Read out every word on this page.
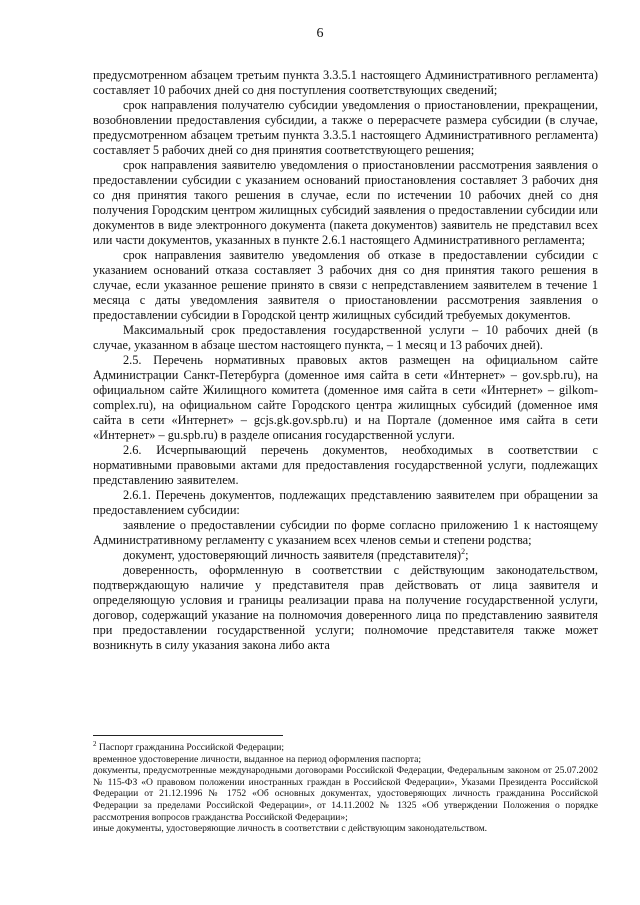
6

предусмотренном абзацем третьим пункта 3.3.5.1 настоящего Административного регламента) составляет 10 рабочих дней со дня поступления соответствующих сведений;

срок направления получателю субсидии уведомления о приостановлении, прекращении, возобновлении предоставления субсидии, а также о перерасчете размера субсидии (в случае, предусмотренном абзацем третьим пункта 3.3.5.1 настоящего Административного регламента) составляет 5 рабочих дней со дня принятия соответствующего решения;

срок направления заявителю уведомления о приостановлении рассмотрения заявления о предоставлении субсидии с указанием оснований приостановления составляет 3 рабочих дня со дня принятия такого решения в случае, если по истечении 10 рабочих дней со дня получения Городским центром жилищных субсидий заявления о предоставлении субсидии или документов в виде электронного документа (пакета документов) заявитель не представил всех или части документов, указанных в пункте 2.6.1 настоящего Административного регламента;

срок направления заявителю уведомления об отказе в предоставлении субсидии с указанием оснований отказа составляет 3 рабочих дня со дня принятия такого решения в случае, если указанное решение принято в связи с непредставлением заявителем в течение 1 месяца с даты уведомления заявителя о приостановлении рассмотрения заявления о предоставлении субсидии в Городской центр жилищных субсидий требуемых документов.

Максимальный срок предоставления государственной услуги – 10 рабочих дней (в случае, указанном в абзаце шестом настоящего пункта, – 1 месяц и 13 рабочих дней).

2.5. Перечень нормативных правовых актов размещен на официальном сайте Администрации Санкт-Петербурга (доменное имя сайта в сети «Интернет» – gov.spb.ru), на официальном сайте Жилищного комитета (доменное имя сайта в сети «Интернет» – gilkom-complex.ru), на официальном сайте Городского центра жилищных субсидий (доменное имя сайта в сети «Интернет» – gcjs.gk.gov.spb.ru) и на Портале (доменное имя сайта в сети «Интернет» – gu.spb.ru) в разделе описания государственной услуги.

2.6. Исчерпывающий перечень документов, необходимых в соответствии с нормативными правовыми актами для предоставления государственной услуги, подлежащих представлению заявителем.

2.6.1. Перечень документов, подлежащих представлению заявителем при обращении за предоставлением субсидии:

заявление о предоставлении субсидии по форме согласно приложению 1 к настоящему Административному регламенту с указанием всех членов семьи и степени родства;

документ, удостоверяющий личность заявителя (представителя)$^2$;

доверенность, оформленную в соответствии с действующим законодательством, подтверждающую наличие у представителя прав действовать от лица заявителя и определяющую условия и границы реализации права на получение государственной услуги, договор, содержащий указание на полномочия доверенного лица по представлению заявителя при предоставлении государственной услуги; полномочие представителя также может возникнуть в силу указания закона либо акта

$^2$ Паспорт гражданина Российской Федерации;

временное удостоверение личности, выданное на период оформления паспорта;

документы, предусмотренные международными договорами Российской Федерации, Федеральным законом от 25.07.2002 № 115-ФЗ «О правовом положении иностранных граждан в Российской Федерации», Указами Президента Российской Федерации от 21.12.1996 № 1752 «Об основных документах, удостоверяющих личность гражданина Российской Федерации за пределами Российской Федерации», от 14.11.2002 № 1325 «Об утверждении Положения о порядке рассмотрения вопросов гражданства Российской Федерации»;

иные документы, удостоверяющие личность в соответствии с действующим законодательством.
